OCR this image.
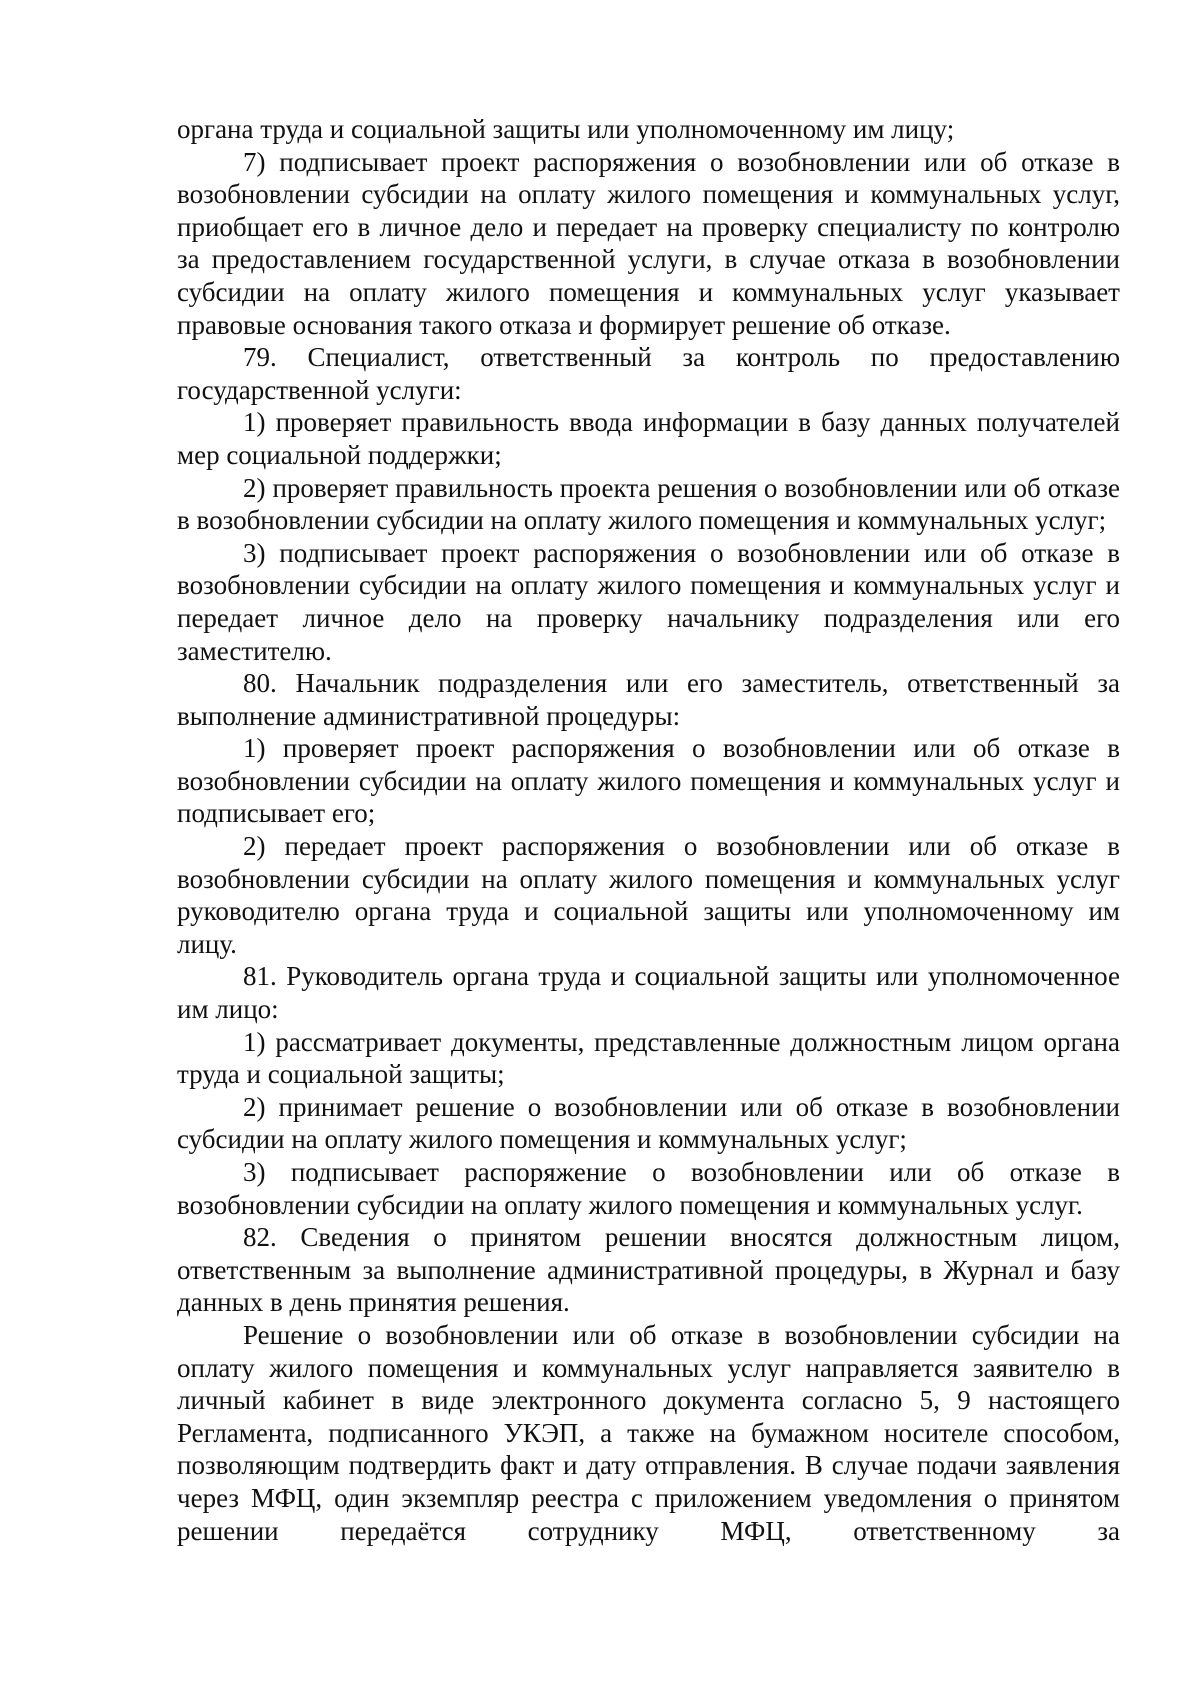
органа труда и социальной защиты или уполномоченному им лицу;

7) подписывает проект распоряжения о возобновлении или об отказе в возобновлении субсидии на оплату жилого помещения и коммунальных услуг, приобщает его в личное дело и передает на проверку специалисту по контролю за предоставлением государственной услуги, в случае отказа в возобновлении субсидии на оплату жилого помещения и коммунальных услуг указывает правовые основания такого отказа и формирует решение об отказе.

79. Специалист, ответственный за контроль по предоставлению государственной услуги:

1) проверяет правильность ввода информации в базу данных получателей мер социальной поддержки;

2) проверяет правильность проекта решения о возобновлении или об отказе в возобновлении субсидии на оплату жилого помещения и коммунальных услуг;

3) подписывает проект распоряжения о возобновлении или об отказе в возобновлении субсидии на оплату жилого помещения и коммунальных услуг и передает личное дело на проверку начальнику подразделения или его заместителю.

80. Начальник подразделения или его заместитель, ответственный за выполнение административной процедуры:

1) проверяет проект распоряжения о возобновлении или об отказе в возобновлении субсидии на оплату жилого помещения и коммунальных услуг и подписывает его;

2) передает проект распоряжения о возобновлении или об отказе в возобновлении субсидии на оплату жилого помещения и коммунальных услуг руководителю органа труда и социальной защиты или уполномоченному им лицу.

81. Руководитель органа труда и социальной защиты или уполномоченное им лицо:

1) рассматривает документы, представленные должностным лицом органа труда и социальной защиты;

2) принимает решение о возобновлении или об отказе в возобновлении субсидии на оплату жилого помещения и коммунальных услуг;

3) подписывает распоряжение о возобновлении или об отказе в возобновлении субсидии на оплату жилого помещения и коммунальных услуг.

82. Сведения о принятом решении вносятся должностным лицом, ответственным за выполнение административной процедуры, в Журнал и базу данных в день принятия решения.

Решение о возобновлении или об отказе в возобновлении субсидии на оплату жилого помещения и коммунальных услуг направляется заявителю в личный кабинет в виде электронного документа согласно 5, 9 настоящего Регламента, подписанного УКЭП, а также на бумажном носителе способом, позволяющим подтвердить факт и дату отправления. В случае подачи заявления через МФЦ, один экземпляр реестра с приложением уведомления о принятом решении передаётся сотруднику МФЦ, ответственному за
